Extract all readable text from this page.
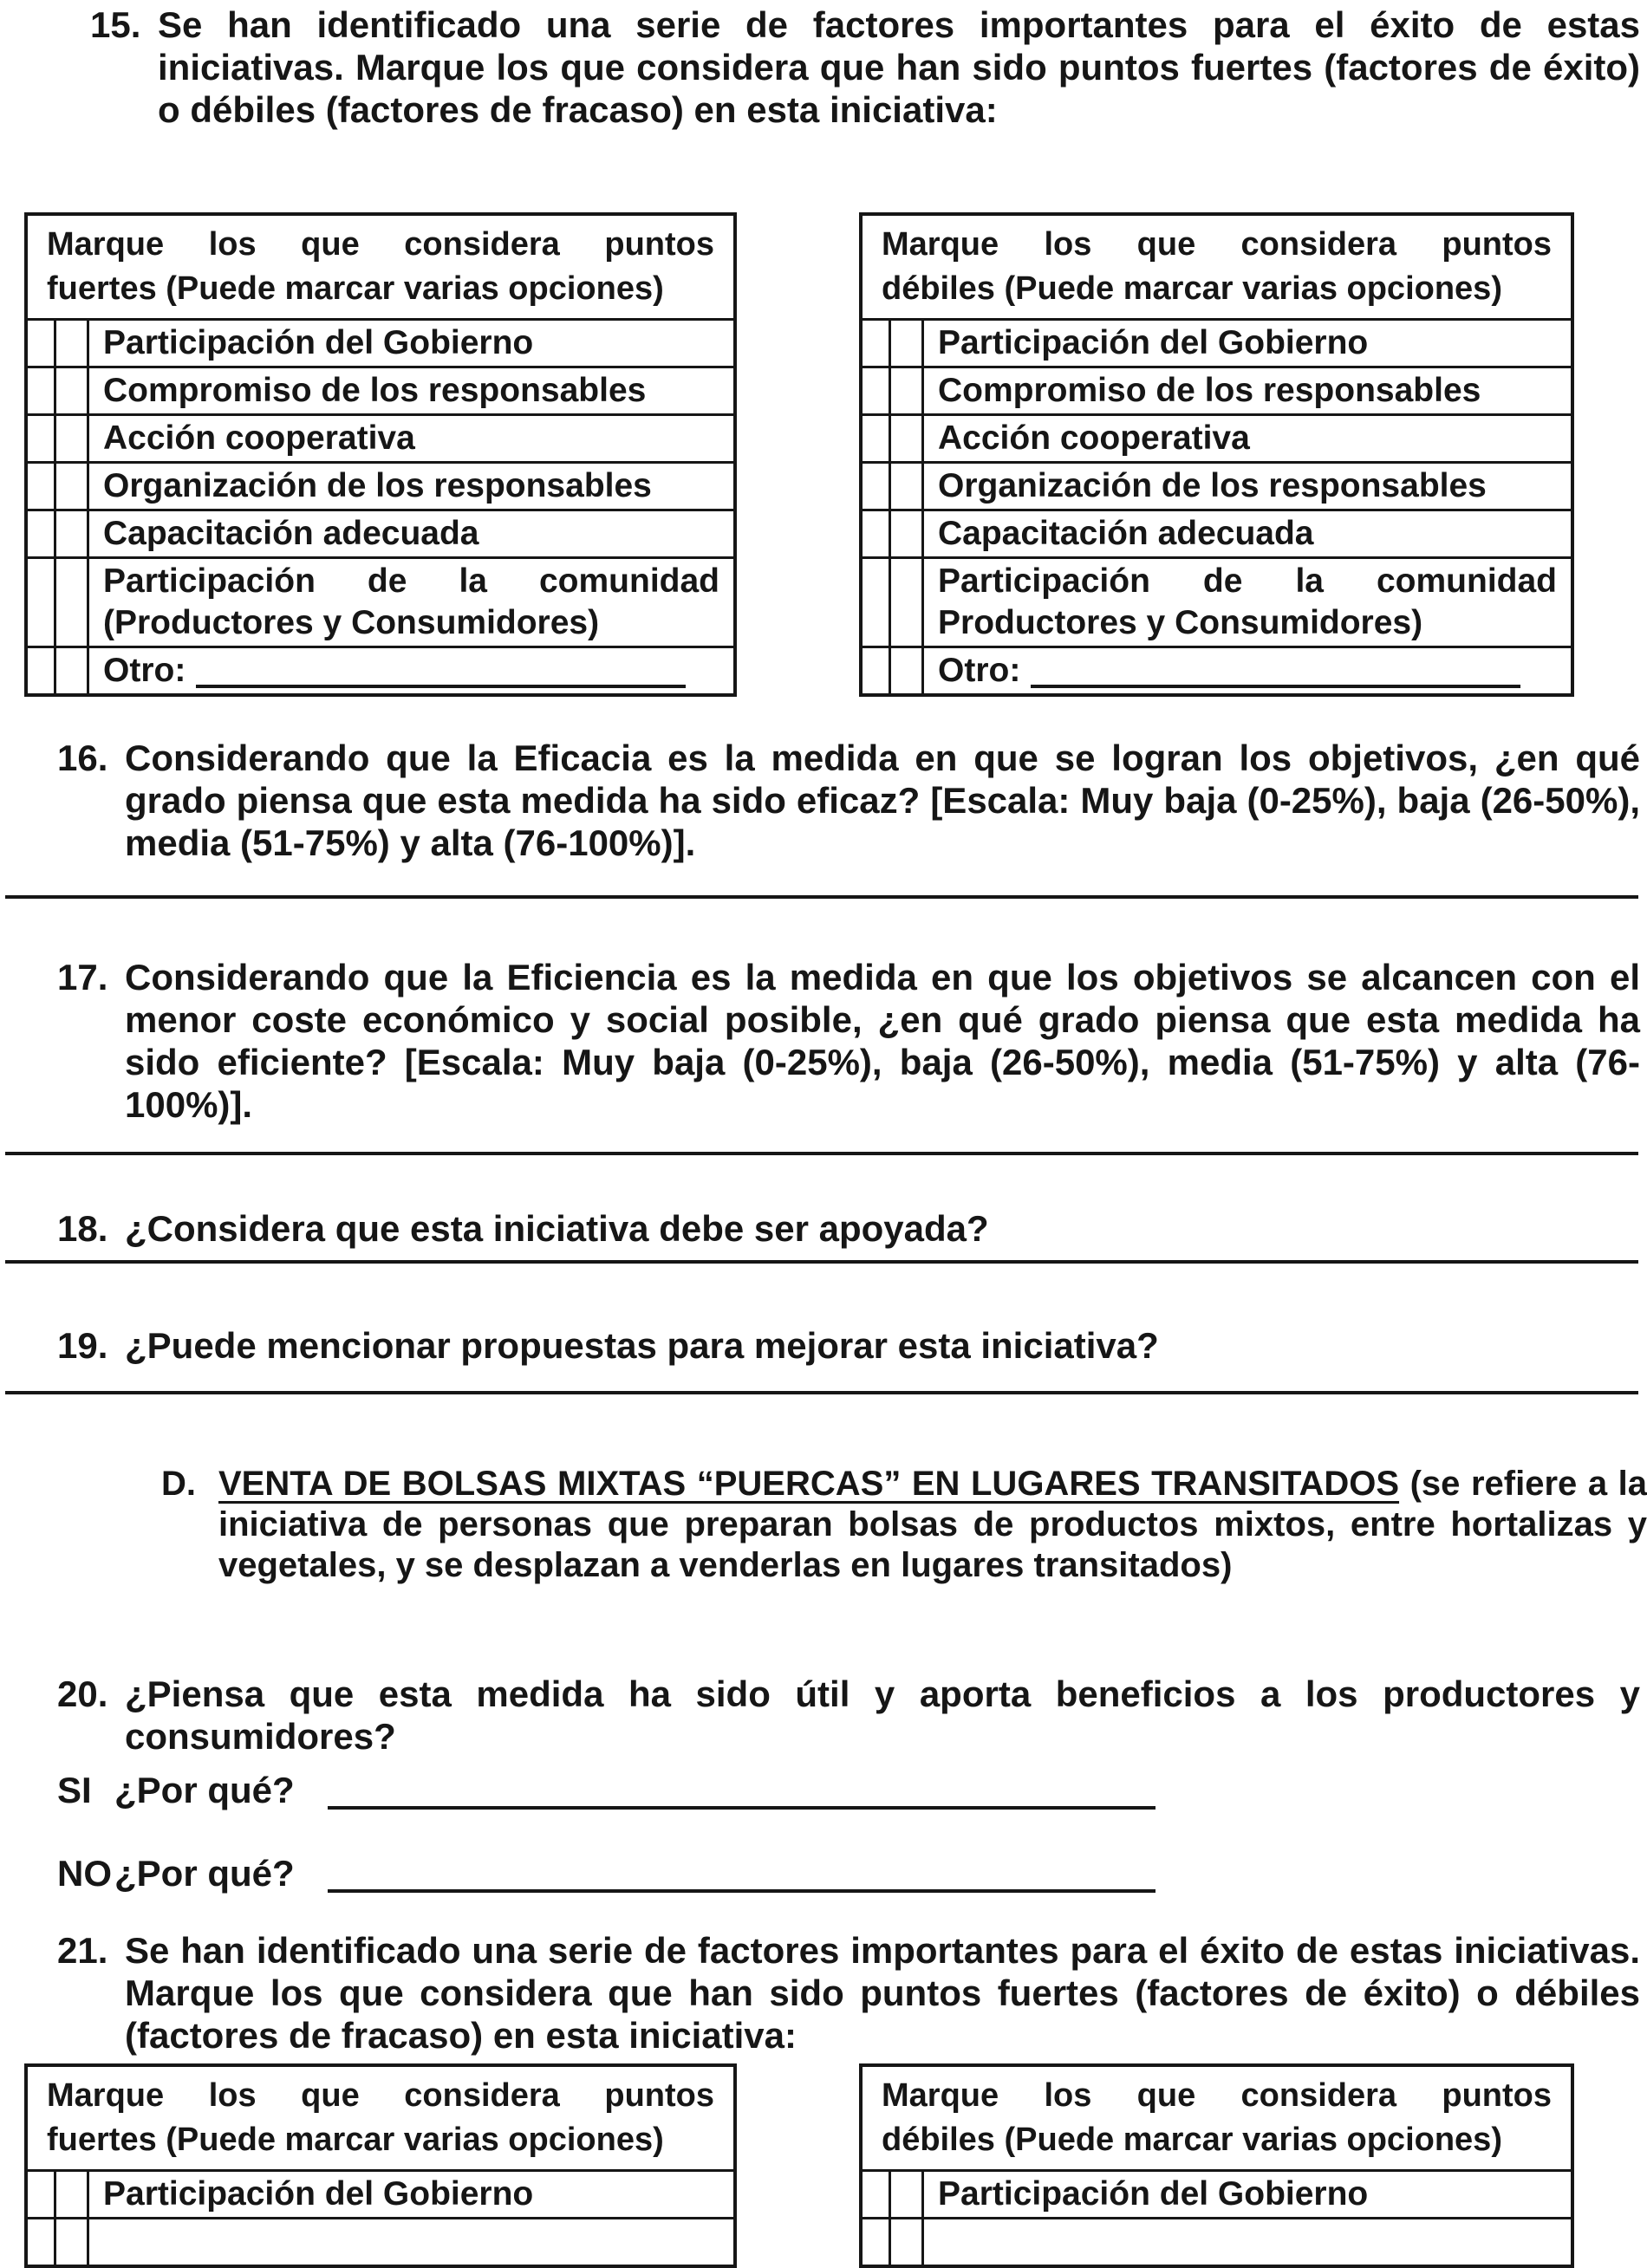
15. Se han identificado una serie de factores importantes para el éxito de estas iniciativas. Marque los que considera que han sido puntos fuertes (factores de éxito) o débiles (factores de fracaso) en esta iniciativa:
Marque los que considera puntos
fuertes (Puede marcar varias opciones)
Participación del Gobierno
Compromiso de los responsables
Acción cooperativa
Organización de los responsables
Capacitación adecuada
Participación de la comunidad
(Productores y Consumidores)
Otro:
Marque los que considera puntos
débiles (Puede marcar varias opciones)
Participación del Gobierno
Compromiso de los responsables
Acción cooperativa
Organización de los responsables
Capacitación adecuada
Participación de la comunidad
Productores y Consumidores)
Otro:
16. Considerando que la Eficacia es la medida en que se logran los objetivos, ¿en qué grado piensa que esta medida ha sido eficaz? [Escala: Muy baja (0-25%), baja (26-50%), media (51-75%) y alta (76-100%)].
17. Considerando que la Eficiencia es la medida en que los objetivos se alcancen con el menor coste económico y social posible, ¿en qué grado piensa que esta medida ha sido eficiente? [Escala: Muy baja (0-25%), baja (26-50%), media (51-75%) y alta (76-100%)].
18. ¿Considera que esta iniciativa debe ser apoyada?
19. ¿Puede mencionar propuestas para mejorar esta iniciativa?
D. VENTA DE BOLSAS MIXTAS “PUERCAS” EN LUGARES TRANSITADOS (se refiere a la iniciativa de personas que preparan bolsas de productos mixtos, entre hortalizas y vegetales, y se desplazan a venderlas en lugares transitados)
20. ¿Piensa que esta medida ha sido útil y aporta beneficios a los productores y consumidores?
SI ¿Por qué?
NO¿Por qué?
21. Se han identificado una serie de factores importantes para el éxito de estas iniciativas. Marque los que considera que han sido puntos fuertes (factores de éxito) o débiles (factores de fracaso) en esta iniciativa:
Marque los que considera puntos
fuertes (Puede marcar varias opciones)
Participación del Gobierno
Marque los que considera puntos
débiles (Puede marcar varias opciones)
Participación del Gobierno
